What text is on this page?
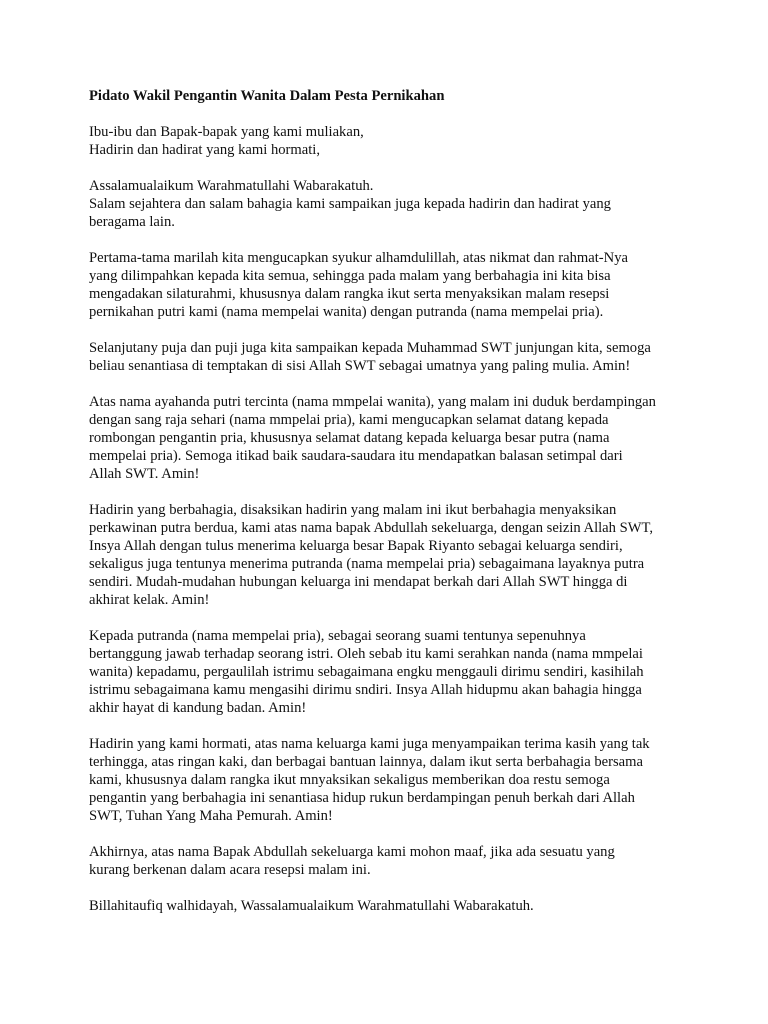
Pidato Wakil Pengantin Wanita Dalam Pesta Pernikahan
Ibu-ibu dan Bapak-bapak yang kami muliakan,
Hadirin dan hadirat yang kami hormati,
Assalamualaikum Warahmatullahi Wabarakatuh.
Salam sejahtera dan salam bahagia kami sampaikan juga kepada hadirin dan hadirat yang
beragama lain.
Pertama-tama marilah kita mengucapkan syukur alhamdulillah, atas nikmat dan rahmat-Nya
yang dilimpahkan kepada kita semua, sehingga pada malam yang berbahagia ini kita bisa
mengadakan silaturahmi, khususnya dalam rangka ikut serta menyaksikan malam resepsi
pernikahan putri kami (nama mempelai wanita) dengan putranda (nama mempelai pria).
Selanjutany puja dan puji juga kita sampaikan kepada Muhammad SWT junjungan kita, semoga
beliau senantiasa di temptakan di sisi Allah SWT sebagai umatnya yang paling mulia. Amin!
Atas nama ayahanda putri tercinta (nama mmpelai wanita), yang malam ini duduk berdampingan
dengan sang raja sehari (nama mmpelai pria), kami mengucapkan selamat datang kepada
rombongan pengantin pria, khususnya selamat datang kepada keluarga besar putra (nama
mempelai pria). Semoga itikad baik saudara-saudara itu mendapatkan balasan setimpal dari
Allah SWT. Amin!
Hadirin yang berbahagia, disaksikan hadirin yang malam ini ikut berbahagia menyaksikan
perkawinan putra berdua, kami atas nama bapak Abdullah sekeluarga, dengan seizin Allah SWT,
Insya Allah dengan tulus menerima keluarga besar Bapak Riyanto sebagai keluarga sendiri,
sekaligus juga tentunya menerima putranda (nama mempelai pria) sebagaimana layaknya putra
sendiri. Mudah-mudahan hubungan keluarga ini mendapat berkah dari Allah SWT hingga di
akhirat kelak. Amin!
Kepada putranda (nama mempelai pria), sebagai seorang suami tentunya sepenuhnya
bertanggung jawab terhadap seorang istri. Oleh sebab itu kami serahkan nanda (nama mmpelai
wanita) kepadamu, pergaulilah istrimu sebagaimana engku menggauli dirimu sendiri, kasihilah
istrimu sebagaimana kamu mengasihi dirimu sndiri. Insya Allah hidupmu akan bahagia hingga
akhir hayat di kandung badan. Amin!
Hadirin yang kami hormati, atas nama keluarga kami juga menyampaikan terima kasih yang tak
terhingga, atas ringan kaki, dan berbagai bantuan lainnya, dalam ikut serta berbahagia bersama
kami, khususnya dalam rangka ikut mnyaksikan sekaligus memberikan doa restu semoga
pengantin yang berbahagia ini senantiasa hidup rukun berdampingan penuh berkah dari Allah
SWT, Tuhan Yang Maha Pemurah. Amin!
Akhirnya, atas nama Bapak Abdullah sekeluarga kami mohon maaf, jika ada sesuatu yang
kurang berkenan dalam acara resepsi malam ini.
Billahitaufiq walhidayah, Wassalamualaikum Warahmatullahi Wabarakatuh.
